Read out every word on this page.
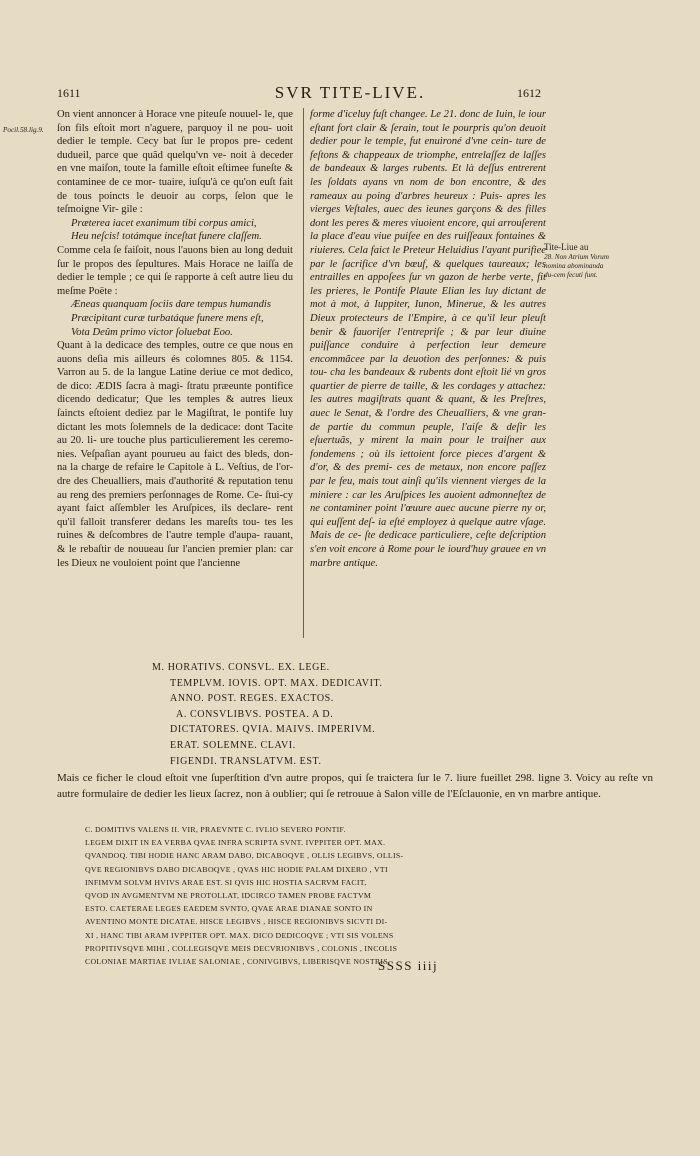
1611	SVR TITE-LIVE.	1612
Pocil.58.lig.9.

On vient annoncer à Horace vne piteuſe nouuel- le, que ſon fils eſtoit mort n'aguere, parquoy il ne pou- uoit dedier le temple. Cecy bat ſur le propos pre- cedent dudueil, parce que quãd quelqu'vn ve- noit à deceder en vne maiſon, toute la famille eſtoit eſtimee funeſte & contaminee de ce mor- tuaire, iuſqu'à ce qu'on euſt fait de tous poincts le deuoir au corps, ſelon que le teſmoigne Vir- gile :

Præterea iacet exanimum tibi corpus amici,

Heu neſcis! totámque inceſtat funere claſſem.

Comme cela ſe faiſoit, nous l'auons bien au long deduit ſur le propos des ſepultures. Mais Horace ne laiſſa de dedier le temple ; ce qui ſe rapporte à ceſt autre lieu du meſme Poëte :

Æneas quanquam ſociis dare tempus humandis

Præcipitant curæ turbatáque funere mens eſt,

Vota Deûm primo victor ſoluebat Eoo.

Quant à la dedicace des temples, outre ce que nous en auons deſia mis ailleurs és colomnes 805. & 1154. Varron au 5. de la langue Latine deriue ce mot dedico, de dico: ÆDIS ſacra à magi- ſtratu præeunte pontifice dicendo dedicatur; Que les temples & autres lieux ſaincts eſtoient dediez par le Magiſtrat, le pontife luy dictant les mots ſolemnels de la dedicace: dont Tacite au 20. li- ure touche plus particulierement les ceremo- nies. Veſpaſian ayant pourueu au faict des bleds, don- na la charge de refaire le Capitole à L. Veſtius, de l'or- dre des Cheualliers, mais d'authorité & reputation tenu au reng des premiers perſonnages de Rome. Ce- ſtui-cy ayant faict aſſembler les Aruſpices, ils declare- rent qu'il falloit transferer dedans les mareſts tou- tes les ruines & deſcombres de l'autre temple d'aupa- rauant, & le rebaſtir de nouueau ſur l'ancien premier plan: car les Dieux ne vouloient point que l'ancienne

forme d'iceluy fuſt changee. Le 21. donc de Iuin, le iour eſtant fort clair & ſerain, tout le pourpris qu'on deuoit dedier pour le temple, fut enuironé d'vne cein- ture de feſtons & chappeaux de triomphe, entrelaſſez de laſſes de bandeaux & larges rubents. Et là deſſus entrerent les ſoldats ayans vn nom de bon encontre, & des rameaux au poing d'arbres heureux : Puis- apres les vierges Veſtales, auec des ieunes garçons & des filles dont les peres & meres viuoient encore, qui arrouſerent la place d'eau viue puiſee en des ruiſſeaux fontaines & riuieres. Cela faict le Preteur Heluidius l'ayant purifiee par le ſacrifice d'vn bœuf, & quelques taureaux; les entrailles en appoſees ſur vn gazon de herbe verte, fit les prieres, le Pontife Plaute Elian les luy dictant de mot à mot, à Iuppiter, Iunon, Minerue, & les autres Dieux protecteurs de l'Empire, à ce qu'il leur pleuſt benir & fauoriſer l'entrepriſe ; & par leur diuine puiſſance conduire à perfection leur demeure encommãcee par la deuotion des perſonnes: & puis tou- cha les bandeaux & rubents dont eſtoit lié vn gros quartier de pierre de taille, & les cordages y attachez: les autres magiſtrats quant & quant, & les Preſtres, auec le Senat, & l'ordre des Cheualliers, & vne gran- de partie du commun peuple, l'aiſe & deſir les eſuertuãs, y mirent la main pour le traiſner aux fondemens ; où ils iettoient force pieces d'argent & d'or, & des premi- ces de metaux, non encore paſſez par le feu, mais tout ainſi qu'ils viennent vierges de la miniere : car les Aruſpices les auoient admonneſtez de ne contaminer point l'œuure auec aucune pierre ny or, qui euſſent deſ- ia eſté employez à quelque autre vſage. Mais de ce- ſte dedicace particuliere, ceſte deſcription s'en voit encore à Rome pour le iourd'huy grauee en vn marbre antique.

Tite-Liue au
28. Non Atrium Vorum nomina abominanda du-cem fecuti funt.
M. HORATIVS. CONSVL. EX. LEGE.
TEMPLVM. IOVIS. OPT. MAX. DEDICAVIT.
ANNO. POST. REGES. EXACTOS.
A. CONSVLIBVS. POSTEA. A D.
DICTATORES. QVIA. MAIVS. IMPERIVM.
ERAT. SOLEMNE. CLAVI.
FIGENDI. TRANSLATVM. EST.
Mais ce ficher le cloud eſtoit vne ſuperſtition d'vn autre propos, qui ſe traictera ſur le 7. liure fueillet 298. ligne 3. Voicy au reſte vn autre formulaire de dedier les lieux ſacrez, non à oublier; qui ſe retrouue à Salon ville de l'Eſclauonie, en vn marbre antique.
C. DOMITIVS VALENS II. VIR, PRAEVNTE C. IVLIO SEVERO PONTIF.
LEGEM DIXIT IN EA VERBA QVAE INFRA SCRIPTA SVNT. IVPPITER OPT. MAX.
QVANDOQ. TIBI HODIE HANC ARAM DABO, DICABOQVE , OLLIS LEGIBVS, OLLIS-
QVE REGIONIBVS DABO DICABOQVE , QVAS HIC HODIE PALAM DIXERO , VTI
INFIMVM SOLVM HVIVS ARAE EST. SI QVIS HIC HOSTIA SACRVM FACIT,
QVOD IN AVGMENTVM NE PROTOLLAT, IDCIRCO TAMEN PROBE FACTVM
ESTO. CAETERAE LEGES EAEDEM SVNTO, QVAE ARAE DIANAE SONTO IN
AVENTINO MONTE DICATAE. HISCE LEGIBVS , HISCE REGIONIBVS SICVTI DI-
XI , HANC TIBI ARAM IVPPITER OPT. MAX. DICO DEDICOQVE ; VTI SIS VOLENS
PROPITIVSQVE MIHI , COLLEGISQVE MEIS DECVRIONIBVS , COLONIS , INCOLIS
COLONIAE MARTIAE IVLIAE SALONIAE , CONIVGIBVS, LIBERISQVE NOSTRIS.
SSSS iiij
